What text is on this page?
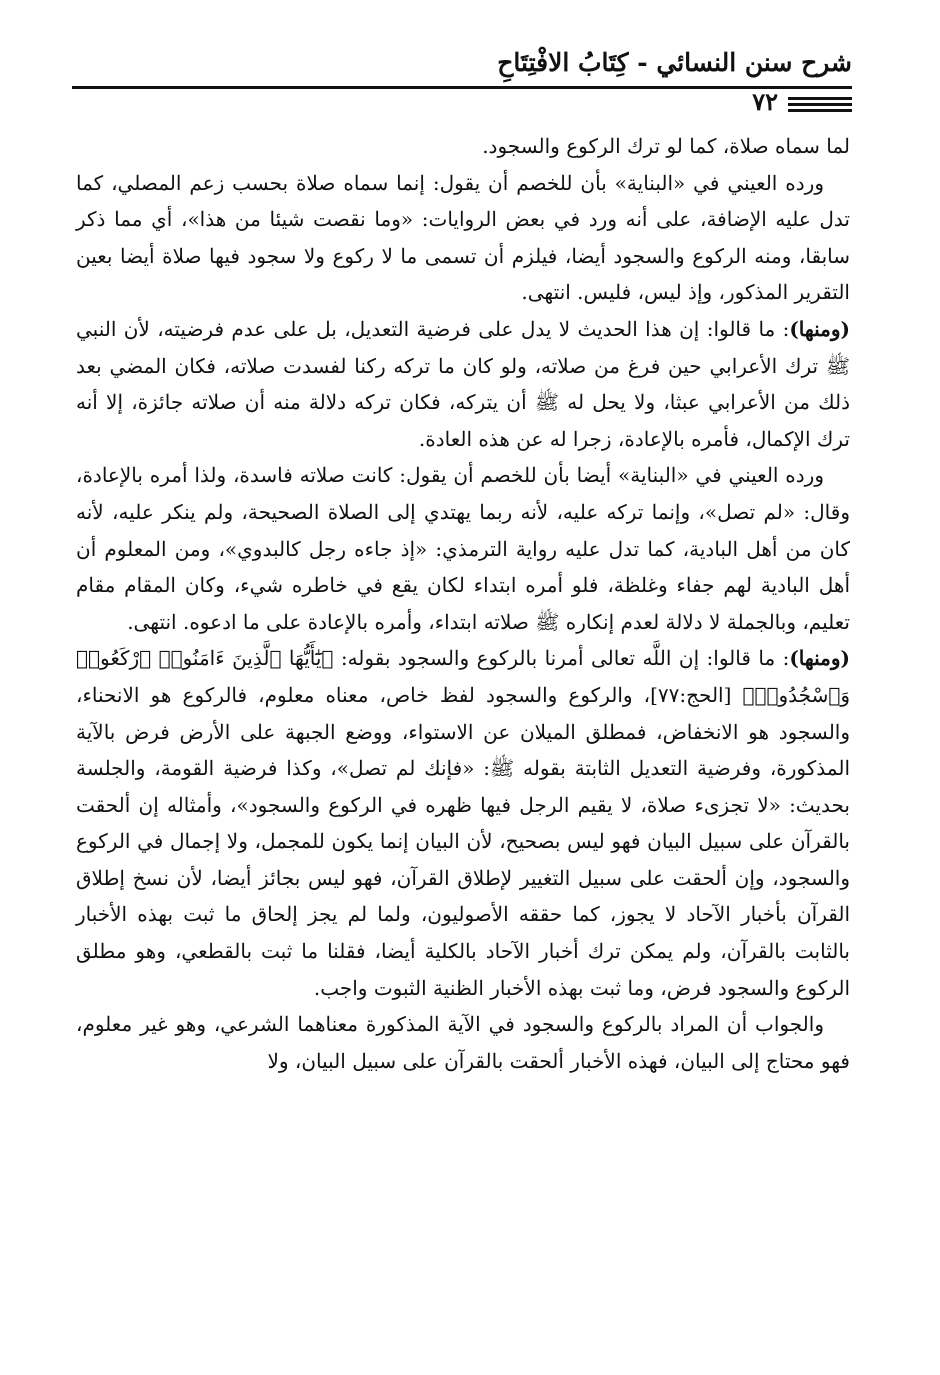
شرح سنن النسائي - كِتَابُ الافْتِتَاحِ
٧٢

لما سماه صلاة، كما لو ترك الركوع والسجود.

ورده العيني في «البناية» بأن للخصم أن يقول: إنما سماه صلاة بحسب زعم المصلي، كما تدل عليه الإضافة، على أنه ورد في بعض الروايات: «وما نقصت شيئا من هذا»، أي مما ذكر سابقا، ومنه الركوع والسجود أيضا، فيلزم أن تسمى ما لا ركوع ولا سجود فيها صلاة أيضا بعين التقرير المذكور، وإذ ليس، فليس. انتهى.

(ومنها): ما قالوا: إن هذا الحديث لا يدل على فرضية التعديل، بل على عدم فرضيته، لأن النبي ﷺ ترك الأعرابي حين فرغ من صلاته، ولو كان ما تركه ركنا لفسدت صلاته، فكان المضي بعد ذلك من الأعرابي عبثا، ولا يحل له ﷺ أن يتركه، فكان تركه دلالة منه أن صلاته جائزة، إلا أنه ترك الإكمال، فأمره بالإعادة، زجرا له عن هذه العادة.

ورده العيني في «البناية» أيضا بأن للخصم أن يقول: كانت صلاته فاسدة، ولذا أمره بالإعادة، وقال: «لم تصل»، وإنما تركه عليه، لأنه ربما يهتدي إلى الصلاة الصحيحة، ولم ينكر عليه، لأنه كان من أهل البادية، كما تدل عليه رواية الترمذي: «إذ جاءه رجل كالبدوي»، ومن المعلوم أن أهل البادية لهم جفاء وغلظة، فلو أمره ابتداء لكان يقع في خاطره شيء، وكان المقام مقام تعليم، وبالجملة لا دلالة لعدم إنكاره ﷺ صلاته ابتداء، وأمره بالإعادة على ما ادعوه. انتهى.

(ومنها): ما قالوا: إن اللَّه تعالى أمرنا بالركوع والسجود بقوله: ﴿يَٰٓأَيُّهَا ٱلَّذِينَ ءَامَنُوا۟ ٱرْكَعُوا۟ وَٱسْجُدُوا۟﴾ [الحج:٧٧]، والركوع والسجود لفظ خاص، معناه معلوم، فالركوع هو الانحناء، والسجود هو الانخفاض، فمطلق الميلان عن الاستواء، ووضع الجبهة على الأرض فرض بالآية المذكورة، وفرضية التعديل الثابتة بقوله ﷺ: «فإنك لم تصل»، وكذا فرضية القومة، والجلسة بحديث: «لا تجزىء صلاة، لا يقيم الرجل فيها ظهره في الركوع والسجود»، وأمثاله إن ألحقت بالقرآن على سبيل البيان فهو ليس بصحيح، لأن البيان إنما يكون للمجمل، ولا إجمال في الركوع والسجود، وإن ألحقت على سبيل التغيير لإطلاق القرآن، فهو ليس بجائز أيضا، لأن نسخ إطلاق القرآن بأخبار الآحاد لا يجوز، كما حققه الأصوليون، ولما لم يجز إلحاق ما ثبت بهذه الأخبار بالثابت بالقرآن، ولم يمكن ترك أخبار الآحاد بالكلية أيضا، فقلنا ما ثبت بالقطعي، وهو مطلق الركوع والسجود فرض، وما ثبت بهذه الأخبار الظنية الثبوت واجب.

والجواب أن المراد بالركوع والسجود في الآية المذكورة معناهما الشرعي، وهو غير معلوم، فهو محتاج إلى البيان، فهذه الأخبار ألحقت بالقرآن على سبيل البيان، ولا
